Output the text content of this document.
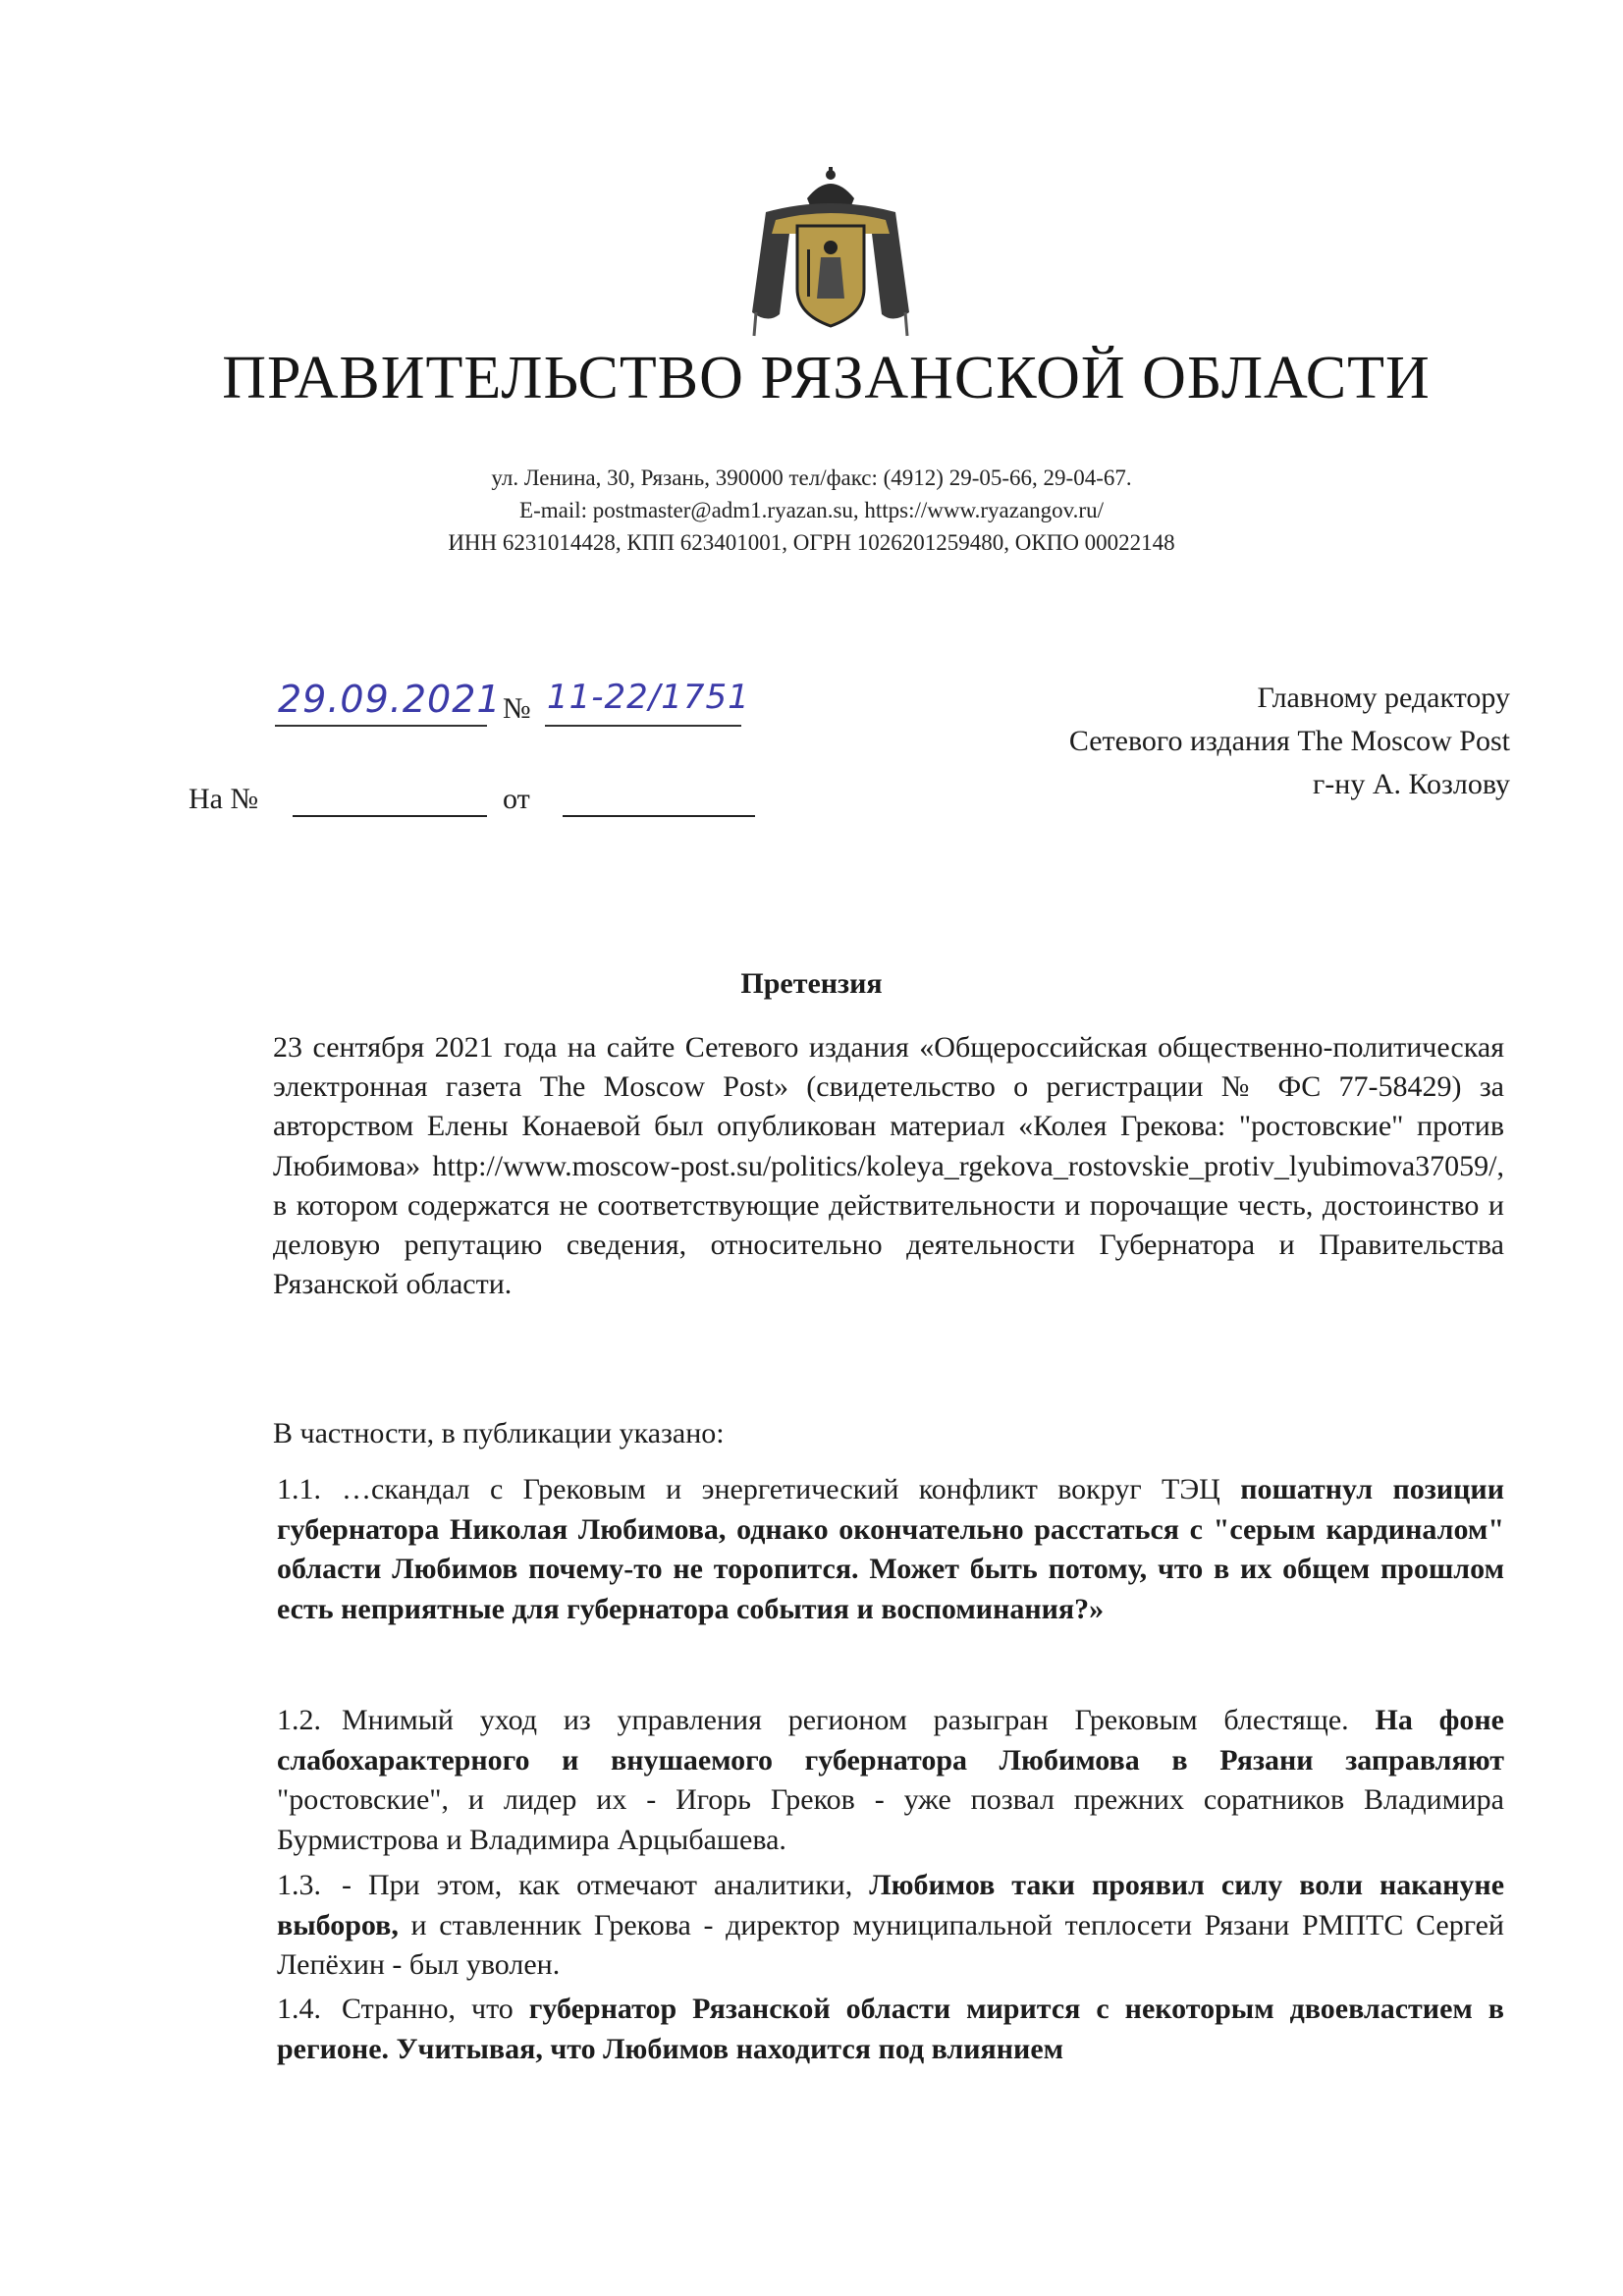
ПРАВИТЕЛЬСТВО РЯЗАНСКОЙ ОБЛАСТИ
ул. Ленина, 30, Рязань, 390000 тел/факс: (4912) 29-05-66, 29-04-67.
E-mail: postmaster@adm1.ryazan.su, https://www.ryazangov.ru/
ИНН 6231014428, КПП 623401001, ОГРН 1026201259480, ОКПО 00022148
29.09.2021 № 11-22/1751	Главному редактору
Сетевого издания The Moscow Post
г-ну А. Козлову
На №	от
Претензия
23 сентября 2021 года на сайте Сетевого издания «Общероссийская общественно-политическая электронная газета The Moscow Post» (свидетельство о регистрации № ФС 77-58429) за авторством Елены Конаевой был опубликован материал «Колея Грекова: "ростовские" против Любимова» http://www.moscow-post.su/politics/koleya_rgekova_rostovskie_protiv_lyubimova37059/, в котором содержатся не соответствующие действительности и порочащие честь, достоинство и деловую репутацию сведения, относительно деятельности Губернатора и Правительства Рязанской области.
В частности, в публикации указано:
1.1. …скандал с Грековым и энергетический конфликт вокруг ТЭЦ пошатнул позиции губернатора Николая Любимова, однако окончательно расстаться с "серым кардиналом" области Любимов почему-то не торопится. Может быть потому, что в их общем прошлом есть неприятные для губернатора события и воспоминания?»
1.2. Мнимый уход из управления регионом разыгран Грековым блестяще. На фоне слабохарактерного и внушаемого губернатора Любимова в Рязани заправляют "ростовские", и лидер их - Игорь Греков - уже позвал прежних соратников Владимира Бурмистрова и Владимира Арцыбашева.
1.3. - При этом, как отмечают аналитики, Любимов таки проявил силу воли накануне выборов, и ставленник Грекова - директор муниципальной теплосети Рязани РМПТС Сергей Лепёхин - был уволен.
1.4. Странно, что губернатор Рязанской области мирится с некоторым двоевластием в регионе. Учитывая, что Любимов находится под влиянием
